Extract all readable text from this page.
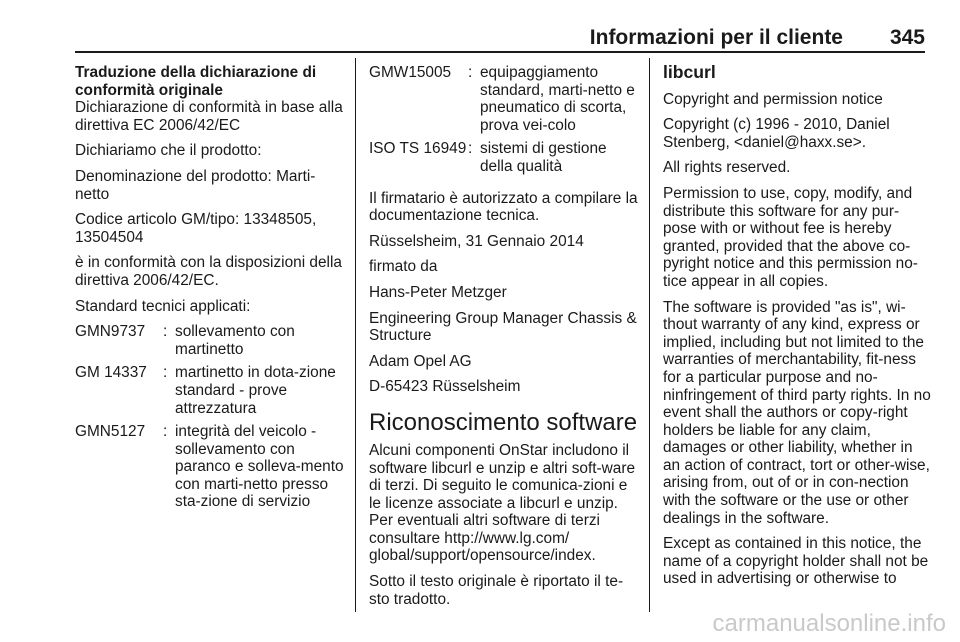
Informazioni per il cliente 345

Traduzione della dichiarazione di conformità originale

Dichiarazione di conformità in base alla direttiva EC 2006/42/EC

Dichiariamo che il prodotto:

Denominazione del prodotto: Marti-netto

Codice articolo GM/tipo: 13348505, 13504504

è in conformità con la disposizioni della direttiva 2006/42/EC.

Standard tecnici applicati:

GMN9737	: sollevamento con martinetto
GM 14337	: martinetto in dota-zione standard - prove attrezzatura
GMN5127	: integrità del veicolo - sollevamento con paranco e solleva-mento con marti-netto presso sta-zione di servizio
GMW15005	: equipaggiamento standard, marti-netto e pneumatico di scorta, prova vei-colo
ISO TS 16949 : sistemi di gestione della qualità

Il firmatario è autorizzato a compilare la documentazione tecnica.

Rüsselsheim, 31 Gennaio 2014

firmato da

Hans-Peter Metzger

Engineering Group Manager Chassis & Structure

Adam Opel AG

D-65423 Rüsselsheim

Riconoscimento software

Alcuni componenti OnStar includono il software libcurl e unzip e altri soft-ware di terzi. Di seguito le comunica-zioni e le licenze associate a libcurl e unzip. Per eventuali altri software di terzi consultare http://www.lg.com/ global/support/opensource/index.

Sotto il testo originale è riportato il te-sto tradotto.

libcurl

Copyright and permission notice

Copyright (c) 1996 - 2010, Daniel Stenberg, <daniel@haxx.se>.

All rights reserved.

Permission to use, copy, modify, and distribute this software for any pur-pose with or without fee is hereby granted, provided that the above co-pyright notice and this permission no-tice appear in all copies.

The software is provided "as is", wi-thout warranty of any kind, express or implied, including but not limited to the warranties of merchantability, fit-ness for a particular purpose and no-ninfringement of third party rights. In no event shall the authors or copy-right holders be liable for any claim, damages or other liability, whether in an action of contract, tort or other-wise, arising from, out of or in con-nection with the software or the use or other dealings in the software.

Except as contained in this notice, the name of a copyright holder shall not be used in advertising or otherwise to

carmanualsonline.info
